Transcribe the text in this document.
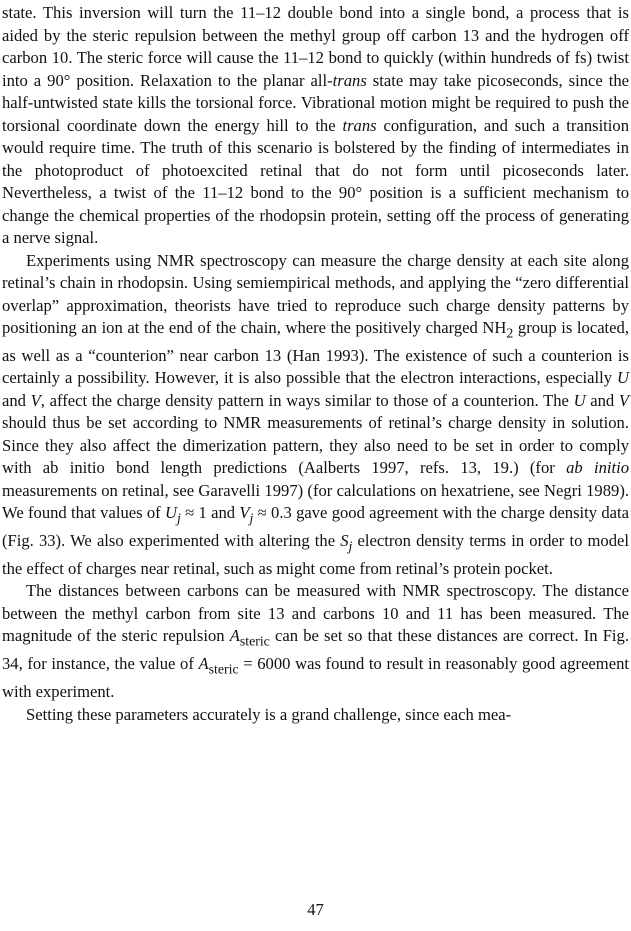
state. This inversion will turn the 11–12 double bond into a single bond, a process that is aided by the steric repulsion between the methyl group off carbon 13 and the hydrogen off carbon 10. The steric force will cause the 11–12 bond to quickly (within hundreds of fs) twist into a 90° position. Relaxation to the planar all-trans state may take picoseconds, since the half-untwisted state kills the torsional force. Vibrational motion might be required to push the torsional coordinate down the energy hill to the trans configuration, and such a transition would require time. The truth of this scenario is bolstered by the finding of intermediates in the photoproduct of photoexcited retinal that do not form until picoseconds later. Nevertheless, a twist of the 11–12 bond to the 90° position is a sufficient mechanism to change the chemical properties of the rhodopsin protein, setting off the process of generating a nerve signal.

Experiments using NMR spectroscopy can measure the charge density at each site along retinal’s chain in rhodopsin. Using semiempirical methods, and applying the “zero differential overlap” approximation, theorists have tried to reproduce such charge density patterns by positioning an ion at the end of the chain, where the positively charged $NH_2$ group is located, as well as a “counterion” near carbon 13 (Han 1993). The existence of such a counterion is certainly a possibility. However, it is also possible that the electron interactions, especially U and V, affect the charge density pattern in ways similar to those of a counterion. The U and V should thus be set according to NMR measurements of retinal’s charge density in solution. Since they also affect the dimerization pattern, they also need to be set in order to comply with ab initio bond length predictions (Aalberts 1997, refs. 13, 19.) (for ab initio measurements on retinal, see Garavelli 1997) (for calculations on hexatriene, see Negri 1989). We found that values of $U_j \approx 1$ and $V_j \approx 0.3$ gave good agreement with the charge density data (Fig. 33). We also experimented with altering the $S_j$ electron density terms in order to model the effect of charges near retinal, such as might come from retinal’s protein pocket.

The distances between carbons can be measured with NMR spectroscopy. The distance between the methyl carbon from site 13 and carbons 10 and 11 has been measured. The magnitude of the steric repulsion $A_{steric}$ can be set so that these distances are correct. In Fig. 34, for instance, the value of $A_{steric} = 6000$ was found to result in reasonably good agreement with experiment.

Setting these parameters accurately is a grand challenge, since each mea-

47
